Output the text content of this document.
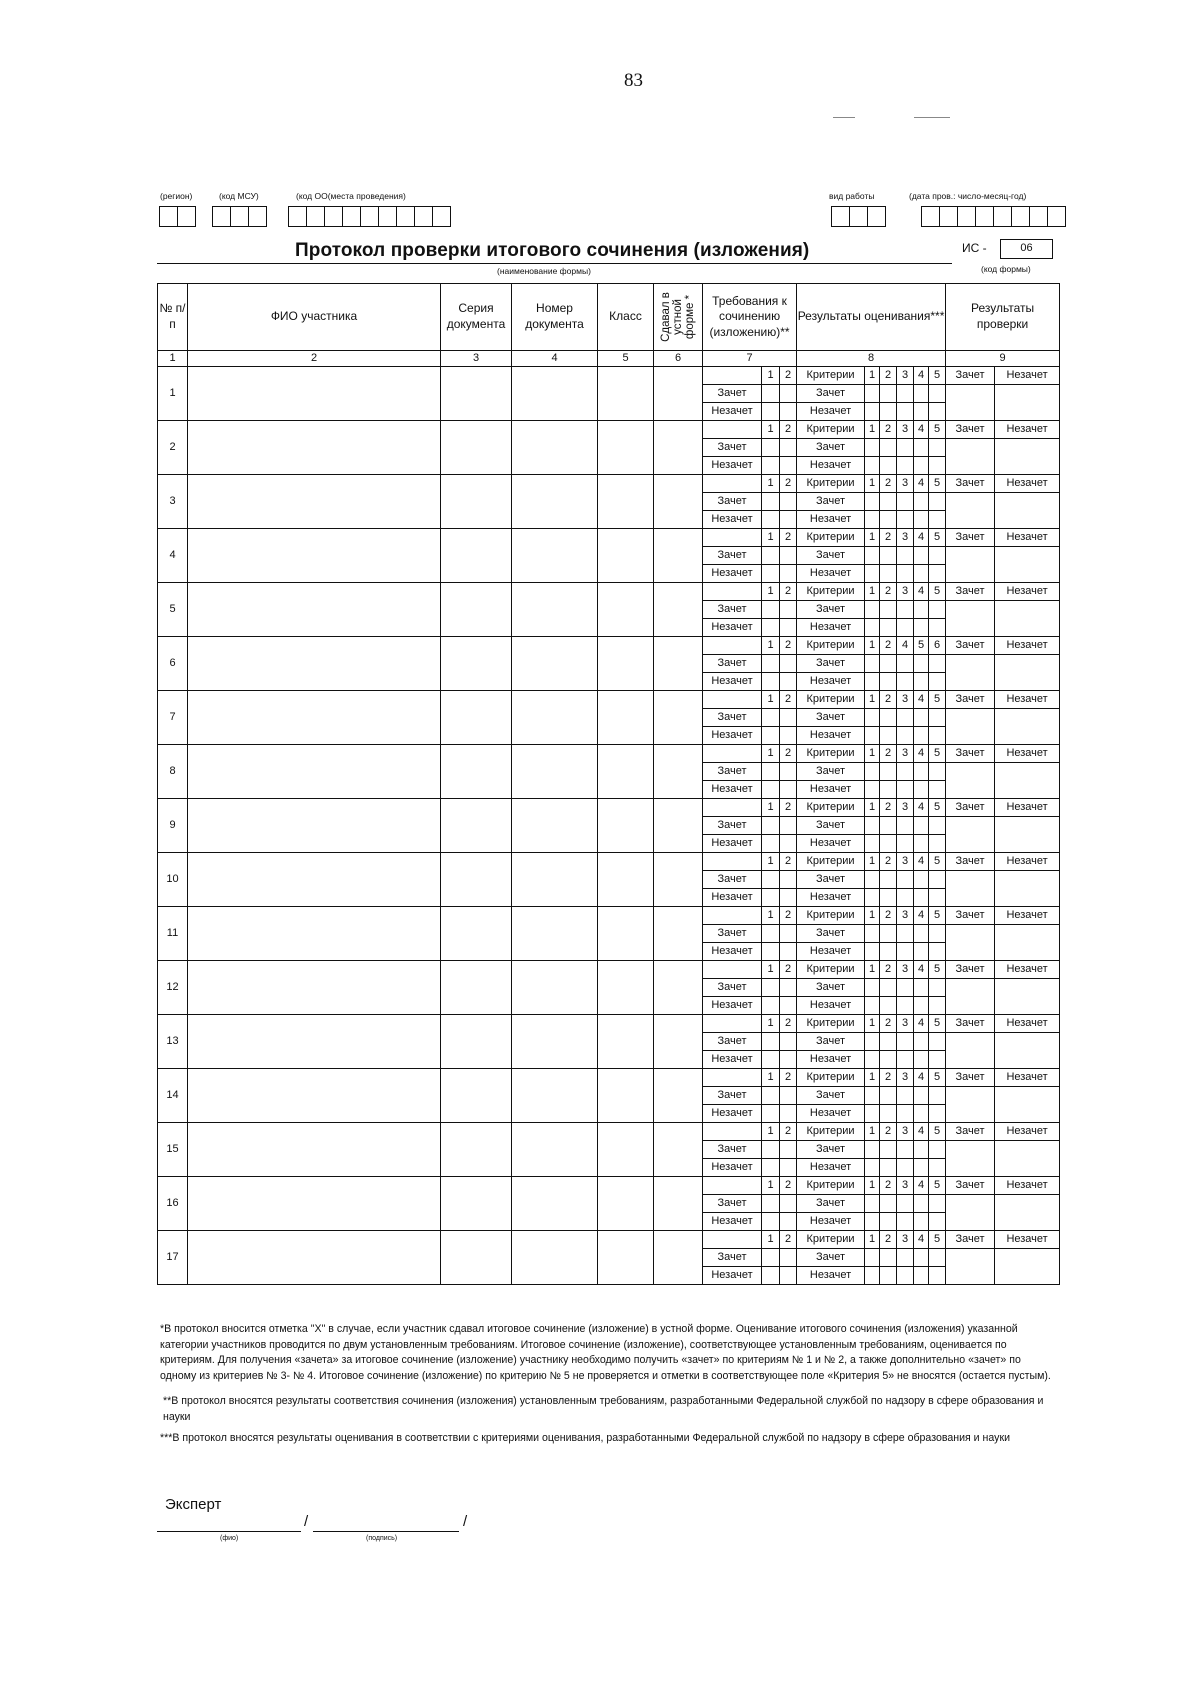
83
(регион)	(код МСУ)	(код ОО(места проведения)	вид работы	(дата пров.: число-месяц-год)
Протокол проверки итогового сочинения (изложения)
(наименование формы)
ИС -	06
(код формы)
№ п/п	ФИО участника	Серия документа	Номер документа	Класс	Сдавал в устной форме *	Требования к сочинению (изложению)**			Результаты оценивания***						Результаты проверки	
1	2	3	4	5	6	7			8						9	
1							1	2	Критерии	1	2	3	4	5	Зачет	Незачет
						Зачет			Зачет							
						Незачет			Незачет							
2							1	2	Критерии	1	2	3	4	5	Зачет	Незачет
						Зачет			Зачет							
						Незачет			Незачет							
3							1	2	Критерии	1	2	3	4	5	Зачет	Незачет
						Зачет			Зачет							
						Незачет			Незачет							
4							1	2	Критерии	1	2	3	4	5	Зачет	Незачет
						Зачет			Зачет							
						Незачет			Незачет							
5							1	2	Критерии	1	2	3	4	5	Зачет	Незачет
						Зачет			Зачет							
						Незачет			Незачет							
6							1	2	Критерии	1	2	4	5	6	Зачет	Незачет
						Зачет			Зачет							
						Незачет			Незачет							
7							1	2	Критерии	1	2	3	4	5	Зачет	Незачет
						Зачет			Зачет							
						Незачет			Незачет							
8							1	2	Критерии	1	2	3	4	5	Зачет	Незачет
						Зачет			Зачет							
						Незачет			Незачет							
9							1	2	Критерии	1	2	3	4	5	Зачет	Незачет
						Зачет			Зачет							
						Незачет			Незачет							
10							1	2	Критерии	1	2	3	4	5	Зачет	Незачет
						Зачет			Зачет							
						Незачет			Незачет							
11							1	2	Критерии	1	2	3	4	5	Зачет	Незачет
						Зачет			Зачет							
						Незачет			Незачет							
12							1	2	Критерии	1	2	3	4	5	Зачет	Незачет
						Зачет			Зачет							
						Незачет			Незачет							
13							1	2	Критерии	1	2	3	4	5	Зачет	Незачет
						Зачет			Зачет							
						Незачет			Незачет							
14							1	2	Критерии	1	2	3	4	5	Зачет	Незачет
						Зачет			Зачет							
						Незачет			Незачет							
15							1	2	Критерии	1	2	3	4	5	Зачет	Незачет
						Зачет			Зачет							
						Незачет			Незачет							
16							1	2	Критерии	1	2	3	4	5	Зачет	Незачет
						Зачет			Зачет							
						Незачет			Незачет							
17							1	2	Критерии	1	2	3	4	5	Зачет	Незачет
						Зачет			Зачет							
						Незачет			Незачет							

*В протокол вносится отметка "Х" в случае, если участник сдавал итоговое сочинение (изложение) в устной форме. Оценивание итогового сочинения (изложения) указанной категории участников проводится по двум установленным требованиям. Итоговое сочинение (изложение), соответствующее установленным требованиям, оценивается по критериям. Для получения «зачета» за итоговое сочинение (изложение) участнику необходимо получить «зачет» по критериям № 1 и № 2, а также дополнительно «зачет» по одному из критериев № 3- № 4. Итоговое сочинение (изложение) по критерию № 5 не проверяется и отметки в соответствующее поле «Критерия 5» не вносятся (остается пустым).

**В протокол вносятся результаты соответствия сочинения (изложения) установленным требованиям, разработанными Федеральной службой по надзору в сфере образования и науки

***В протокол вносятся результаты оценивания в соответствии с критериями оценивания, разработанными Федеральной службой по надзору в сфере образования и науки

Эксперт
/	/
(фио)	(подпись)
